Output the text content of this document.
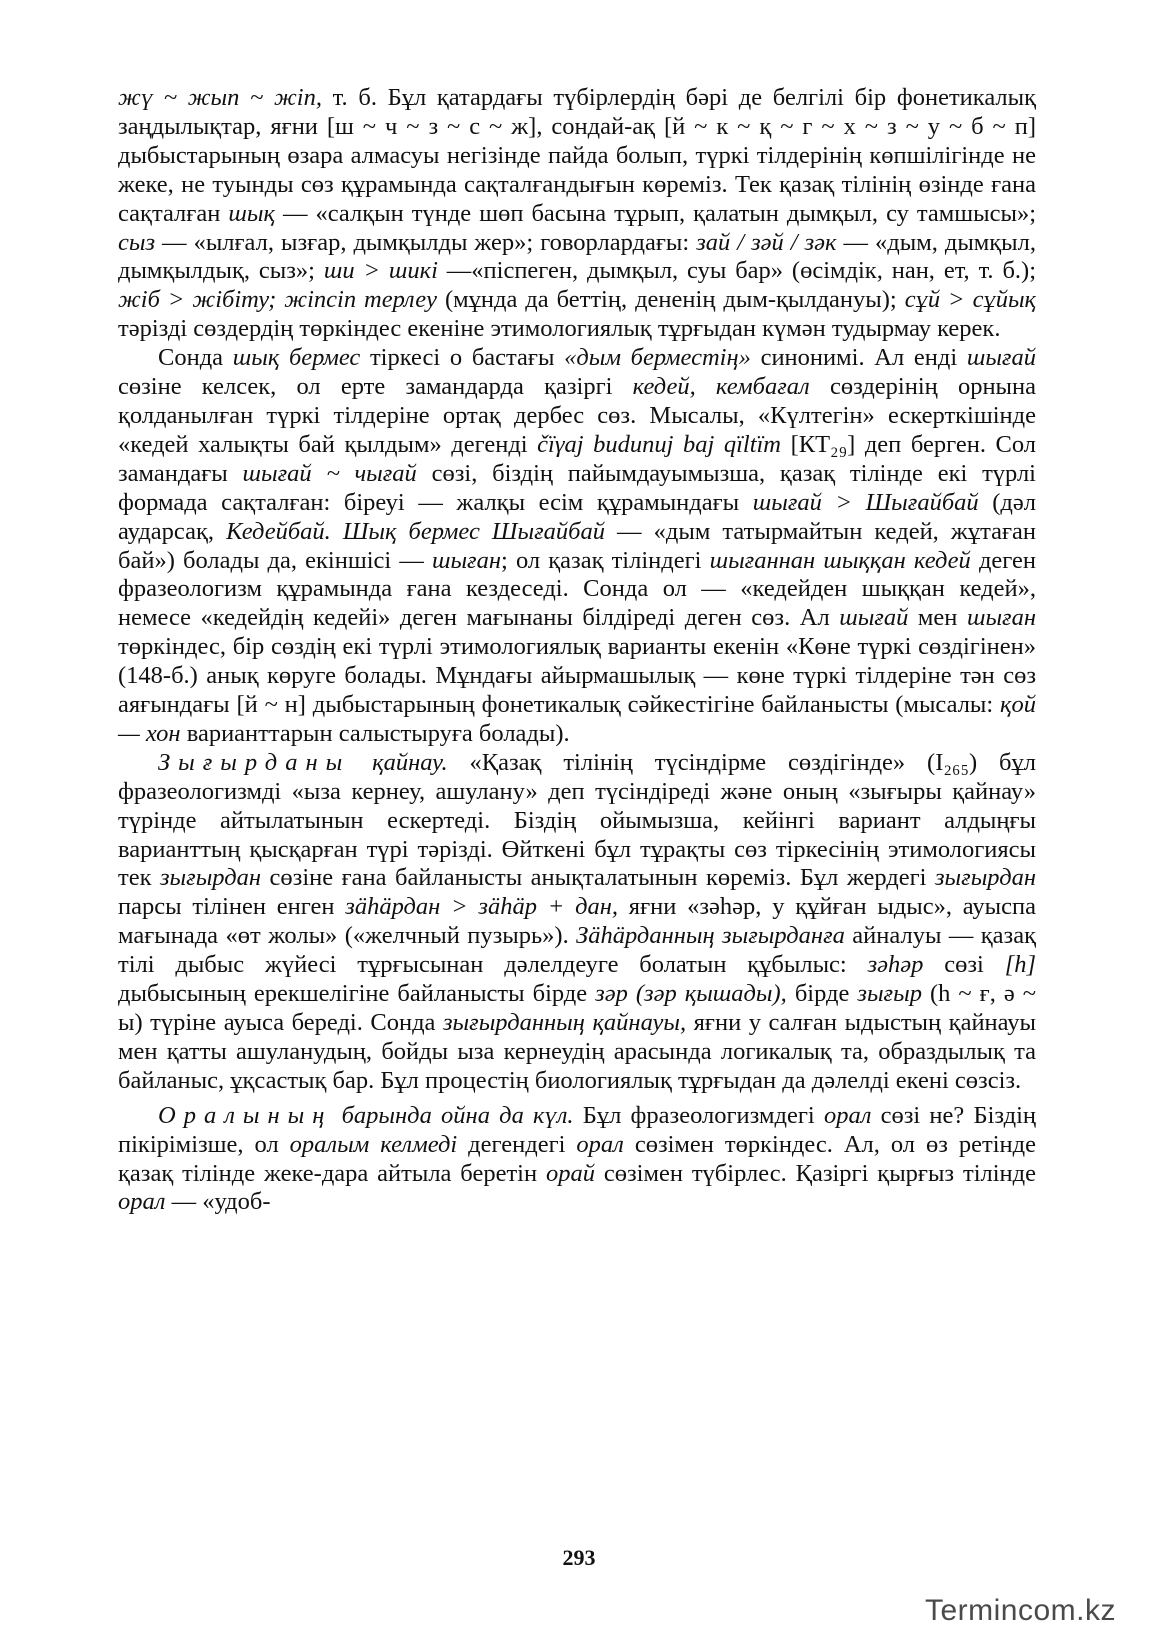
жү ~ жып ~ жіп, т. б. Бұл қатардағы түбірлердің бәрі де белгілі бір фонетикалық заңдылықтар, яғни [ш ~ ч ~ з ~ с ~ ж], сондай-ақ [й ~ к ~ қ ~ г ~ х ~ з ~ у ~ б ~ п] дыбыстарының өзара алмасуы негізінде пайда болып, түркі тілдерінің көпшілігінде не жеке, не туынды сөз құрамында сақталғандығын көреміз. Тек қазақ тілінің өзінде ғана сақталған шық — «салқын түнде шөп басына тұрып, қалатын дымқыл, су тамшысы»; сыз — «ылғал, ызғар, дымқылды жер»; говорлардағы: зай / зәй / зәк — «дым, дымқыл, дымқылдық, сыз»; ши > шикі —«піспеген, дымқыл, суы бар» (өсімдік, нан, ет, т. б.); жіб > жібіту; жіпсіп терлеу (мұнда да беттің, дененің дым-қылдануы); сұй > сұйық тәрізді сөздердің төркіндес екеніне этимологиялық тұрғыдан күмән тудырмау керек.

Сонда шық бермес тіркесі о бастағы «дым берместің» синонимі. Ал енді шығай сөзіне келсек, ол ерте замандарда қазіргі кедей, кембағал сөздерінің орнына қолданылған түркі тілдеріне ортақ дербес сөз. Мысалы, «Күлтегін» ескерткішінде «кедей халықты бай қылдым» дегенді čïγaj budunuj baj qïltïm [КТ₂₉] деп берген. Сол замандағы шығай ~ чығай сөзі, біздің пайымдауымызша, қазақ тілінде екі түрлі формада сақталған: біреуі — жалқы есім құрамындағы шығай > Шығайбай (дәл аударсақ, Кедейбай. Шық бермес Шығайбай — «дым татырмайтын кедей, жұтаған бай») болады да, екіншісі — шыған; ол қазақ тіліндегі шығаннан шыққан кедей деген фразеологизм құрамында ғана кездеседі. Сонда ол — «кедейден шыққан кедей», немесе «кедейдің кедейі» деген мағынаны білдіреді деген сөз. Ал шығай мен шыған төркіндес, бір сөздің екі түрлі этимологиялық варианты екенін «Көне түркі сөздігінен» (148-б.) анық көруге болады. Мұндағы айырмашылық — көне түркі тілдеріне тән сөз аяғындағы [й ~ н] дыбыстарының фонетикалық сәйкестігіне байланысты (мысалы: қой — хон варианттарын салыстыруға болады).

Зығырданы қайнау. «Қазақ тілінің түсіндірме сөздігінде» (I₂₆₅) бұл фразеологизмді «ыза кернеу, ашулану» деп түсіндіреді және оның «зығыры қайнау» түрінде айтылатынын ескертеді. Біздің ойымызша, кейінгі вариант алдыңғы варианттың қысқарған түрі тәрізді. Өйткені бұл тұрақты сөз тіркесінің этимологиясы тек зығырдан сөзіне ғана байланысты анықталатынын көреміз. Бұл жердегі зығырдан парсы тілінен енген зäһäрдан > зäһäр + дан, яғни «зәһәр, у құйған ыдыс», ауыспа мағынада «өт жолы» («желчный пузырь»). Зäһäрданның зығырданға айналуы — қазақ тілі дыбыс жүйесі тұрғысынан дәлелдеуге болатын құбылыс: зәһәр сөзі [h] дыбысының ерекшелігіне байланысты бірде зәр (зәр қышады), бірде зығыр (h ~ ғ, ә ~ ы) түріне ауыса береді. Сонда зығырданның қайнауы, яғни у салған ыдыстың қайнауы мен қатты ашуланудың, бойды ыза кернеудің арасында логикалық та, образдылық та байланыс, ұқсастық бар. Бұл процестің биологиялық тұрғыдан да дәлелді екені сөзсіз.

Оралының барында ойна да күл. Бұл фразеологизмдегі орал сөзі не? Біздің пікірімізше, ол оралым келмеді дегендегі орал сөзімен төркіндес. Ал, ол өз ретінде қазақ тілінде жеке-дара айтыла беретін орай сөзімен түбірлес. Қазіргі қырғыз тілінде орал — «удоб-

293
Termincom.kz
